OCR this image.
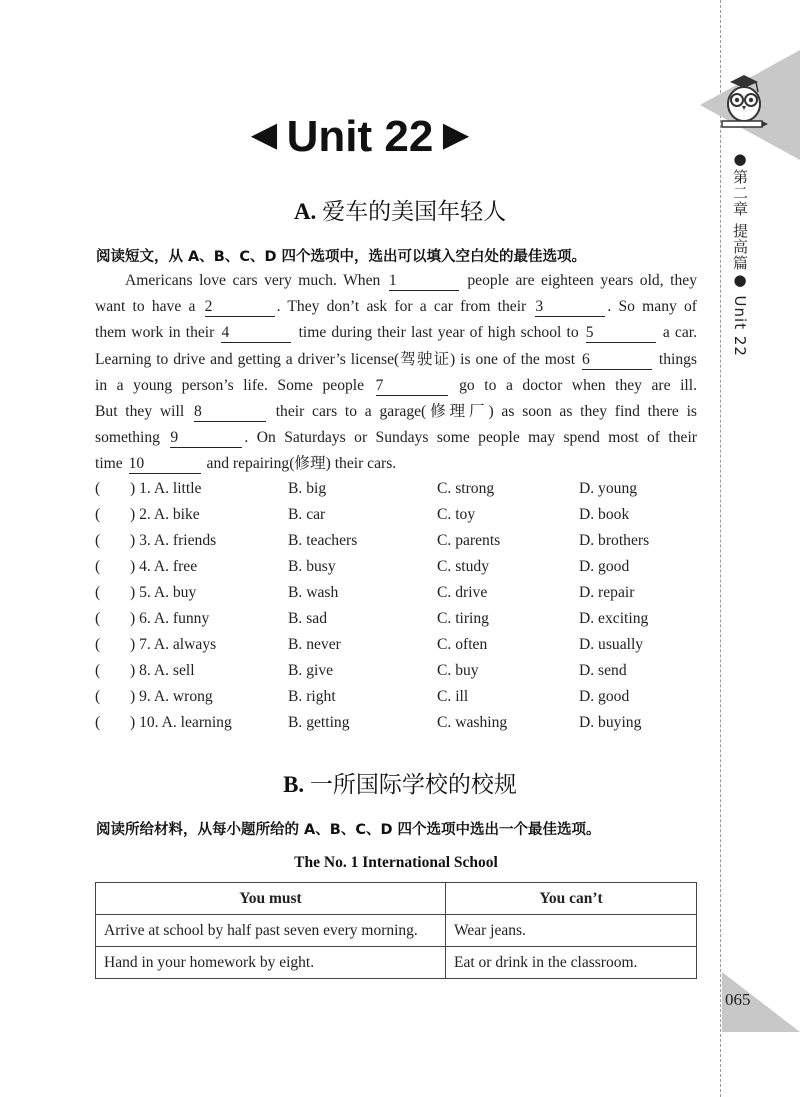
●第二章 提高篇● Unit 22
065
◀ Unit 22 ▶
A. 爱车的美国年轻人
阅读短文，从 A、B、C、D 四个选项中，选出可以填入空白处的最佳选项。
Americans love cars very much. When 1	people are eighteen years old, they
want to have a 2	. They don’t ask for a car from their 3	. So many of
them work in their 4	time during their last year of high school to 5	a car.
Learning to drive and getting a driver’s license(驾驶证) is one of the most 6	things
in a young person’s life. Some people 7	go to a doctor when they are ill.
But they will 8	their cars to a garage(修理厂) as soon as they find there is
something 9	. On Saturdays or Sundays some people may spend most of their
time 10	and repairing(修理) their cars.
( ) 1. A. little	B. big	C. strong	D. young
( ) 2. A. bike	B. car	C. toy	D. book
( ) 3. A. friends	B. teachers	C. parents	D. brothers
( ) 4. A. free	B. busy	C. study	D. good
( ) 5. A. buy	B. wash	C. drive	D. repair
( ) 6. A. funny	B. sad	C. tiring	D. exciting
( ) 7. A. always	B. never	C. often	D. usually
( ) 8. A. sell	B. give	C. buy	D. send
( ) 9. A. wrong	B. right	C. ill	D. good
( ) 10. A. learning	B. getting	C. washing	D. buying
B. 一所国际学校的校规
阅读所给材料，从每小题所给的 A、B、C、D 四个选项中选出一个最佳选项。
The No. 1 International School
You must	You can’t
Arrive at school by half past seven every morning.	Wear jeans.
Hand in your homework by eight.	Eat or drink in the classroom.
